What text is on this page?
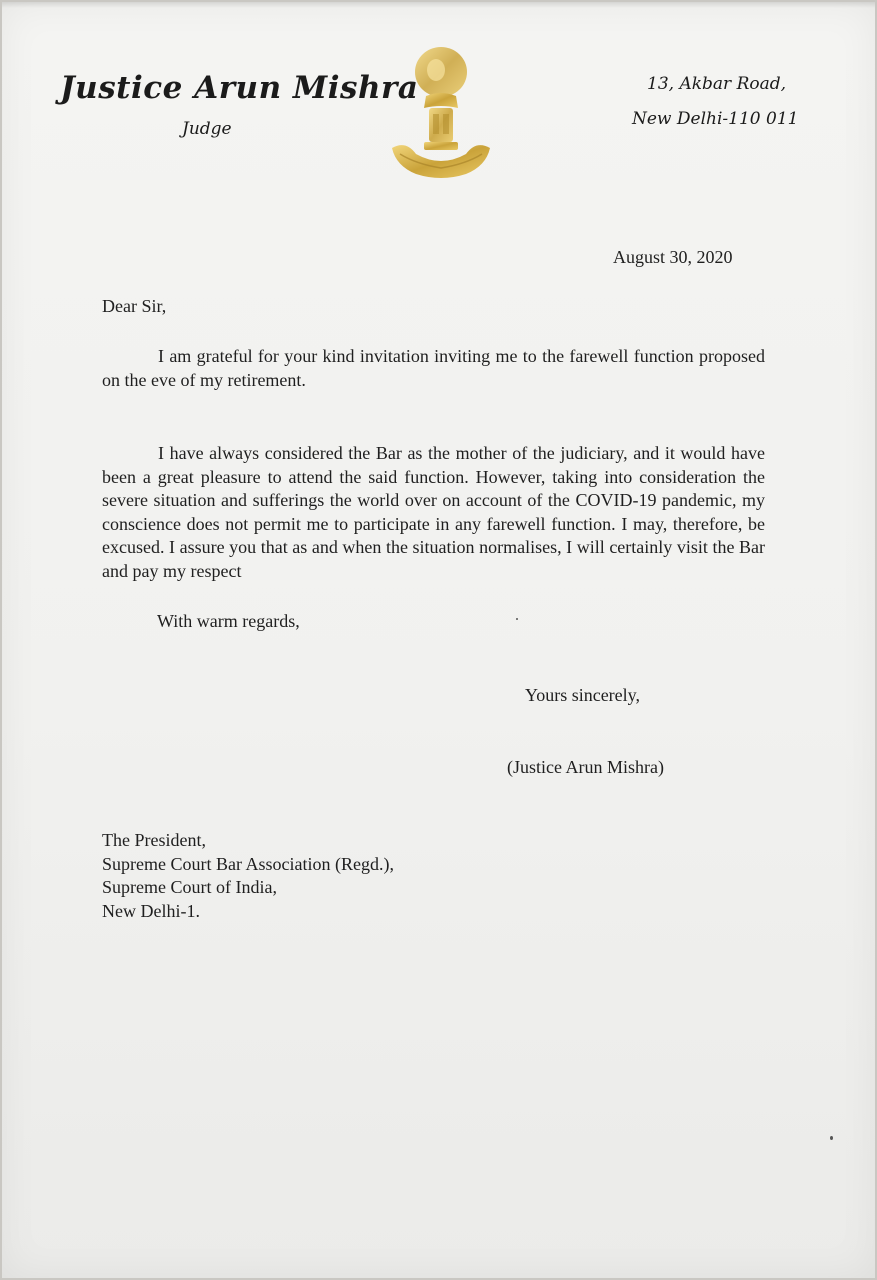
Justice Arun Mishra
Judge
13, Akbar Road,
New Delhi-110 011
August 30, 2020
Dear Sir,
I am grateful for your kind invitation inviting me to the farewell function proposed on the eve of my retirement.
I have always considered the Bar as the mother of the judiciary, and it would have been a great pleasure to attend the said function. However, taking into consideration the severe situation and sufferings the world over on account of the COVID-19 pandemic, my conscience does not permit me to participate in any farewell function. I may, therefore, be excused. I assure you that as and when the situation normalises, I will certainly visit the Bar and pay my respect
With warm regards,
Yours sincerely,
(Justice Arun Mishra)
The President,
Supreme Court Bar Association (Regd.),
Supreme Court of India,
New Delhi-1.
